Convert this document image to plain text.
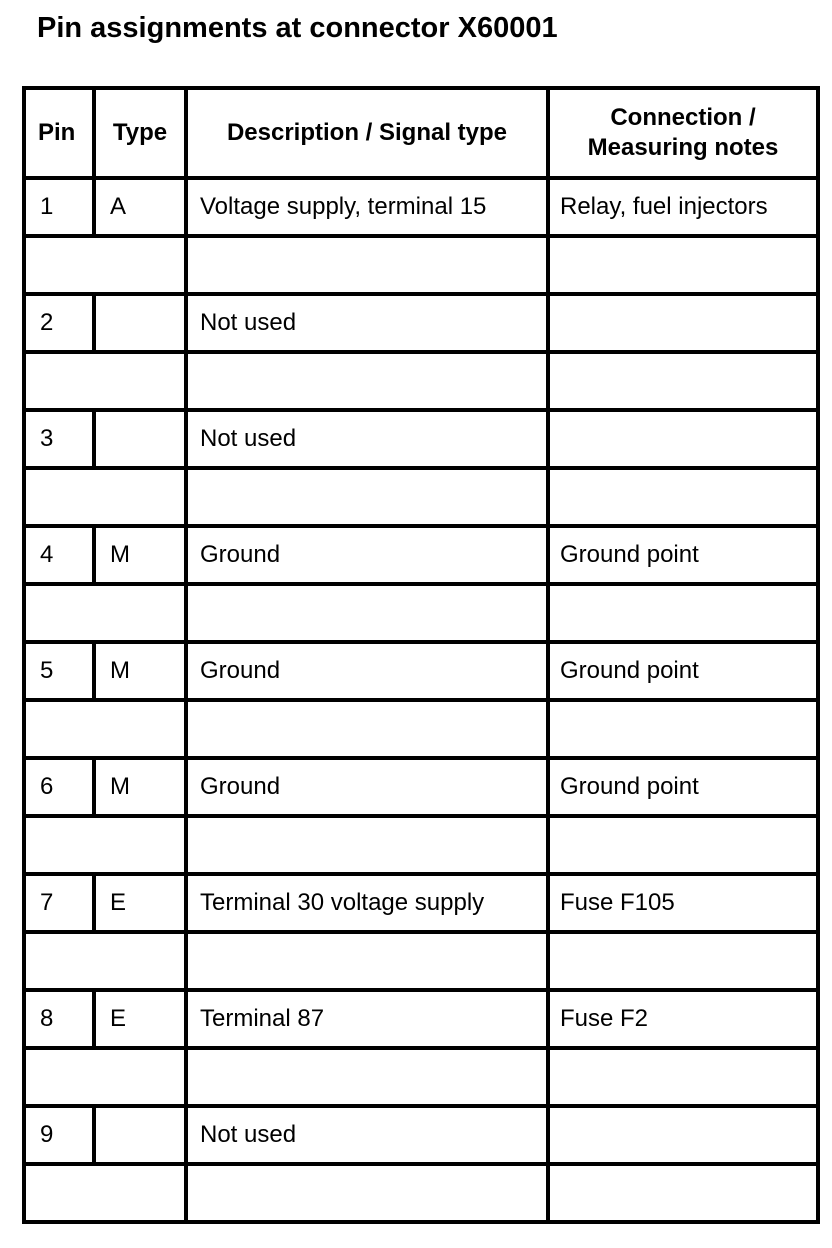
Pin assignments at connector X60001
Pin	Type	Description / Signal type	Connection /
Measuring notes
1	A	Voltage supply, terminal 15	Relay, fuel injectors

2		Not used	

3		Not used	

4	M	Ground	Ground point

5	M	Ground	Ground point

6	M	Ground	Ground point

7	E	Terminal 30 voltage supply	Fuse F105

8	E	Terminal 87	Fuse F2

9		Not used	
